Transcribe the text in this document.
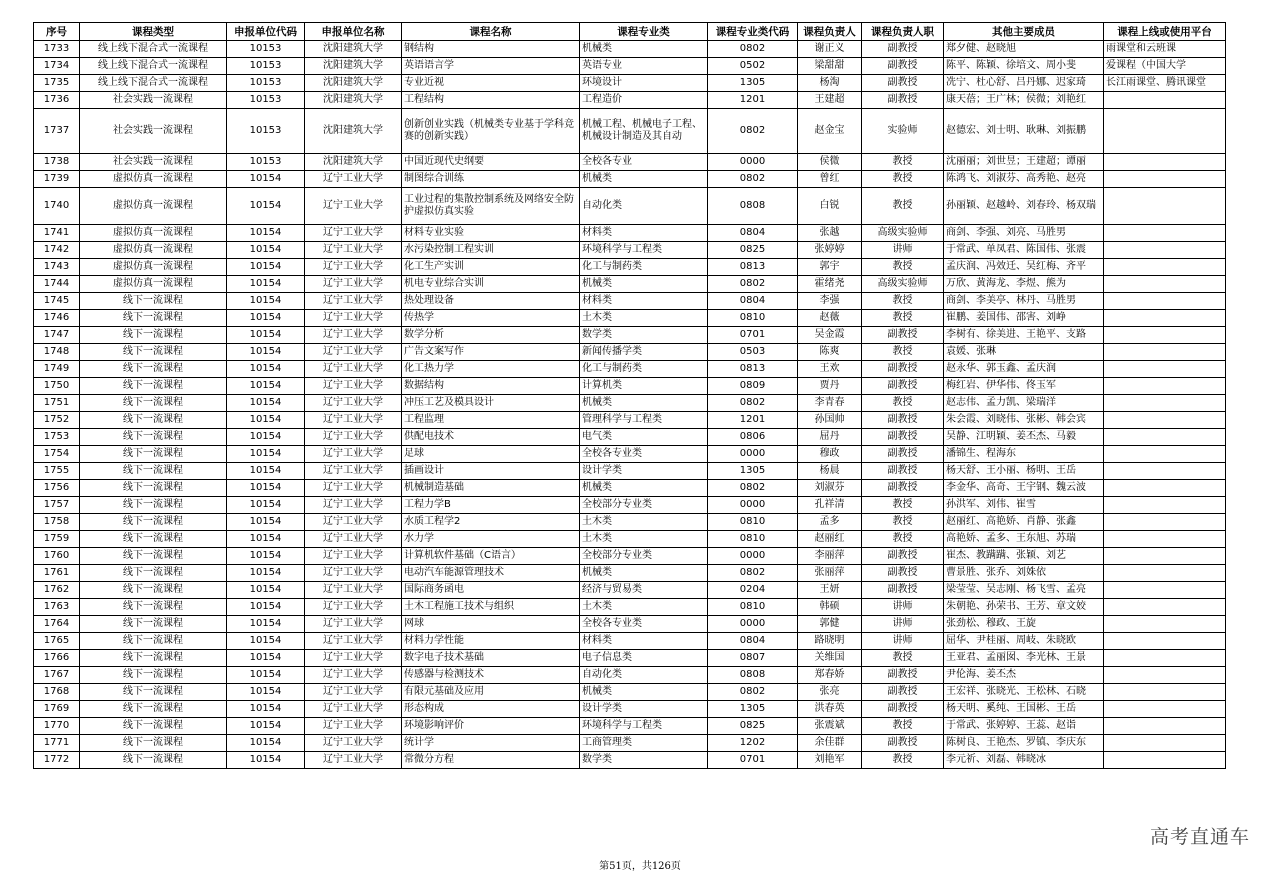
序号	课程类型	申报单位代码	申报单位名称	课程名称	课程专业类	课程专业类代码	课程负责人	课程负责人职	其他主要成员	课程上线或使用平台
1733	线上线下混合式一流课程	10153	沈阳建筑大学	钢结构	机械类	0802	谢正义	副教授	郑夕健、赵晓旭	雨课堂和云班课
1734	线上线下混合式一流课程	10153	沈阳建筑大学	英语语言学	英语专业	0502	梁甜甜	副教授	陈平、陈颖、徐培文、周小斐	爱课程（中国大学
1735	线上线下混合式一流课程	10153	沈阳建筑大学	专业近视	环境设计	1305	杨淘	副教授	冼宁、杜心舒、吕丹娜、迟家琦	长江雨课堂、腾讯课堂
1736	社会实践一流课程	10153	沈阳建筑大学	工程结构	工程造价	1201	王建超	副教授	康天蓓；王广林；侯微；刘艳红	
1737	社会实践一流课程	10153	沈阳建筑大学	创新创业实践（机械类专业基于学科竞赛的创新实践）	机械工程、机械电子工程、机械设计制造及其自动	0802	赵金宝	实验师	赵德宏、刘士明、耿琳、刘振鹏	
1738	社会实践一流课程	10153	沈阳建筑大学	中国近现代史纲要	全校各专业	0000	侯微	教授	沈丽丽；刘世昱；王建超；谭丽	
1739	虚拟仿真一流课程	10154	辽宁工业大学	制图综合训练	机械类	0802	曾红	教授	陈鸿飞、刘淑芬、高秀艳、赵亮	
1740	虚拟仿真一流课程	10154	辽宁工业大学	工业过程的集散控制系统及网络安全防护虚拟仿真实验	自动化类	0808	白锐	教授	孙丽颖、赵越岭、刘春玲、杨双瑞	
1741	虚拟仿真一流课程	10154	辽宁工业大学	材料专业实验	材料类	0804	张越	高级实验师	商剑、李强、刘亮、马胜男	
1742	虚拟仿真一流课程	10154	辽宁工业大学	水污染控制工程实训	环境科学与工程类	0825	张婷婷	讲师	于常武、单凤君、陈国伟、张震	
1743	虚拟仿真一流课程	10154	辽宁工业大学	化工生产实训	化工与制药类	0813	郭宇	教授	孟庆润、冯效迁、吴红梅、齐平	
1744	虚拟仿真一流课程	10154	辽宁工业大学	机电专业综合实训	机械类	0802	霍绪尧	高级实验师	万欣、黄海龙、李煜、熊为	
1745	线下一流课程	10154	辽宁工业大学	热处理设备	材料类	0804	李强	教授	商剑、李美亭、林丹、马胜男	
1746	线下一流课程	10154	辽宁工业大学	传热学	土木类	0810	赵薇	教授	崔鹏、姜国伟、邵害、刘峥	
1747	线下一流课程	10154	辽宁工业大学	数学分析	数学类	0701	吴金霞	副教授	李树有、徐美进、王艳平、支路	
1748	线下一流课程	10154	辽宁工业大学	广告文案写作	新闻传播学类	0503	陈爽	教授	袁媛、张琳	
1749	线下一流课程	10154	辽宁工业大学	化工热力学	化工与制药类	0813	王欢	副教授	赵永华、郭玉鑫、孟庆润	
1750	线下一流课程	10154	辽宁工业大学	数据结构	计算机类	0809	贾丹	副教授	梅红岩、伊华伟、佟玉军	
1751	线下一流课程	10154	辽宁工业大学	冲压工艺及模具设计	机械类	0802	李青春	教授	赵志伟、孟力凯、梁瑞洋	
1752	线下一流课程	10154	辽宁工业大学	工程监理	管理科学与工程类	1201	孙国帅	副教授	朱会霞、刘晓伟、张彬、韩会宾	
1753	线下一流课程	10154	辽宁工业大学	供配电技术	电气类	0806	屈丹	副教授	吴静、江明颖、姜丕杰、马毅	
1754	线下一流课程	10154	辽宁工业大学	足球	全校各专业类	0000	穆政	副教授	潘锦生、程海东	
1755	线下一流课程	10154	辽宁工业大学	插画设计	设计学类	1305	杨晨	副教授	杨天舒、王小丽、杨明、王岳	
1756	线下一流课程	10154	辽宁工业大学	机械制造基础	机械类	0802	刘淑芬	副教授	李金华、高奇、王宇钢、魏云波	
1757	线下一流课程	10154	辽宁工业大学	工程力学B	全校部分专业类	0000	孔祥清	教授	孙洪军、刘伟、崔雪	
1758	线下一流课程	10154	辽宁工业大学	水质工程学2	土木类	0810	孟多	教授	赵丽红、高艳娇、肖静、张鑫	
1759	线下一流课程	10154	辽宁工业大学	水力学	土木类	0810	赵丽红	教授	高艳娇、孟多、王东旭、苏瑞	
1760	线下一流课程	10154	辽宁工业大学	计算机软件基础（C语言）	全校部分专业类	0000	李丽萍	副教授	崔杰、教蹒蹒、张颖、刘艺	
1761	线下一流课程	10154	辽宁工业大学	电动汽车能源管理技术	机械类	0802	张丽萍	副教授	曹景胜、张乔、刘姝依	
1762	线下一流课程	10154	辽宁工业大学	国际商务函电	经济与贸易类	0204	王妍	副教授	梁莹莹、吴志刚、杨飞雪、孟亮	
1763	线下一流课程	10154	辽宁工业大学	土木工程施工技术与组织	土木类	0810	韩硕	讲师	朱朝艳、孙荣书、王芳、章文姣	
1764	线下一流课程	10154	辽宁工业大学	网球	全校各专业类	0000	郭健	讲师	张劲松、穆政、王旋	
1765	线下一流课程	10154	辽宁工业大学	材料力学性能	材料类	0804	路晓明	讲师	屈华、尹桂丽、周岐、朱晓欧	
1766	线下一流课程	10154	辽宁工业大学	数字电子技术基础	电子信息类	0807	关维国	教授	王亚君、孟丽囡、李光林、王景	
1767	线下一流课程	10154	辽宁工业大学	传感器与检测技术	自动化类	0808	郑春娇	副教授	尹伦海、姜丕杰	
1768	线下一流课程	10154	辽宁工业大学	有限元基础及应用	机械类	0802	张亮	副教授	王宏祥、张晓光、王松林、石晓	
1769	线下一流课程	10154	辽宁工业大学	形态构成	设计学类	1305	洪春英	副教授	杨天明、奚纯、王国彬、王岳	
1770	线下一流课程	10154	辽宁工业大学	环境影响评价	环境科学与工程类	0825	张震斌	教授	于常武、张婷婷、王蕊、赵诣	
1771	线下一流课程	10154	辽宁工业大学	统计学	工商管理类	1202	余佳群	副教授	陈树良、王艳杰、罗镇、李庆东	
1772	线下一流课程	10154	辽宁工业大学	常微分方程	数学类	0701	刘艳军	教授	李元祈、刘磊、韩晓冰	
高考直通车
第51页，共126页
